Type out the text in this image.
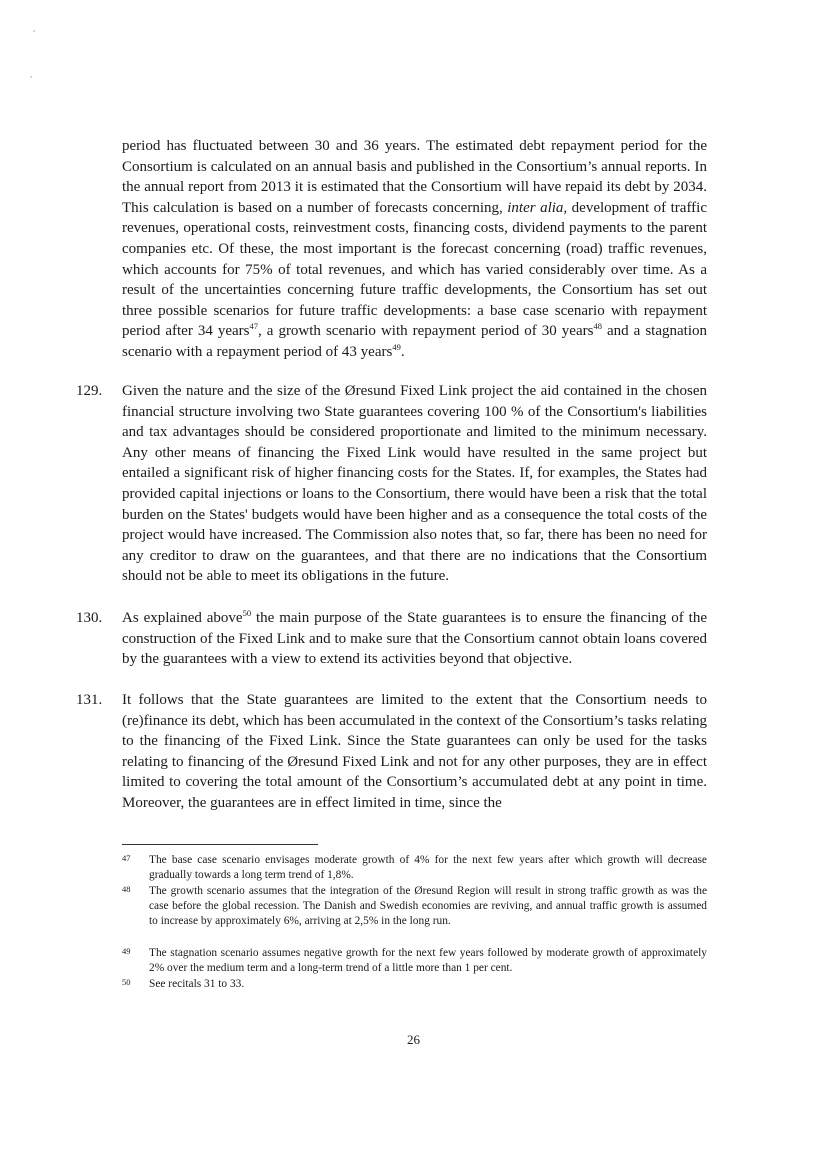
period has fluctuated between 30 and 36 years. The estimated debt repayment period for the Consortium is calculated on an annual basis and published in the Consortium’s annual reports. In the annual report from 2013 it is estimated that the Consortium will have repaid its debt by 2034. This calculation is based on a number of forecasts concerning, inter alia, development of traffic revenues, operational costs, reinvestment costs, financing costs, dividend payments to the parent companies etc. Of these, the most important is the forecast concerning (road) traffic revenues, which accounts for 75% of total revenues, and which has varied considerably over time. As a result of the uncertainties concerning future traffic developments, the Consortium has set out three possible scenarios for future traffic developments: a base case scenario with repayment period after 34 years$^{47}$, a growth scenario with repayment period of 30 years$^{48}$ and a stagnation scenario with a repayment period of 43 years$^{49}$.

129. Given the nature and the size of the Øresund Fixed Link project the aid contained in the chosen financial structure involving two State guarantees covering 100 % of the Consortium's liabilities and tax advantages should be considered proportionate and limited to the minimum necessary. Any other means of financing the Fixed Link would have resulted in the same project but entailed a significant risk of higher financing costs for the States. If, for examples, the States had provided capital injections or loans to the Consortium, there would have been a risk that the total burden on the States' budgets would have been higher and as a consequence the total costs of the project would have increased. The Commission also notes that, so far, there has been no need for any creditor to draw on the guarantees, and that there are no indications that the Consortium should not be able to meet its obligations in the future.

130. As explained above$^{50}$ the main purpose of the State guarantees is to ensure the financing of the construction of the Fixed Link and to make sure that the Consortium cannot obtain loans covered by the guarantees with a view to extend its activities beyond that objective.

131. It follows that the State guarantees are limited to the extent that the Consortium needs to (re)finance its debt, which has been accumulated in the context of the Consortium’s tasks relating to the financing of the Fixed Link. Since the State guarantees can only be used for the tasks relating to financing of the Øresund Fixed Link and not for any other purposes, they are in effect limited to covering the total amount of the Consortium’s accumulated debt at any point in time. Moreover, the guarantees are in effect limited in time, since the

47 The base case scenario envisages moderate growth of 4% for the next few years after which growth will decrease gradually towards a long term trend of 1,8%.

48 The growth scenario assumes that the integration of the Øresund Region will result in strong traffic growth as was the case before the global recession. The Danish and Swedish economies are reviving, and annual traffic growth is assumed to increase by approximately 6%, arriving at 2,5% in the long run.

49 The stagnation scenario assumes negative growth for the next few years followed by moderate growth of approximately 2% over the medium term and a long-term trend of a little more than 1 per cent.

50 See recitals 31 to 33.

26
